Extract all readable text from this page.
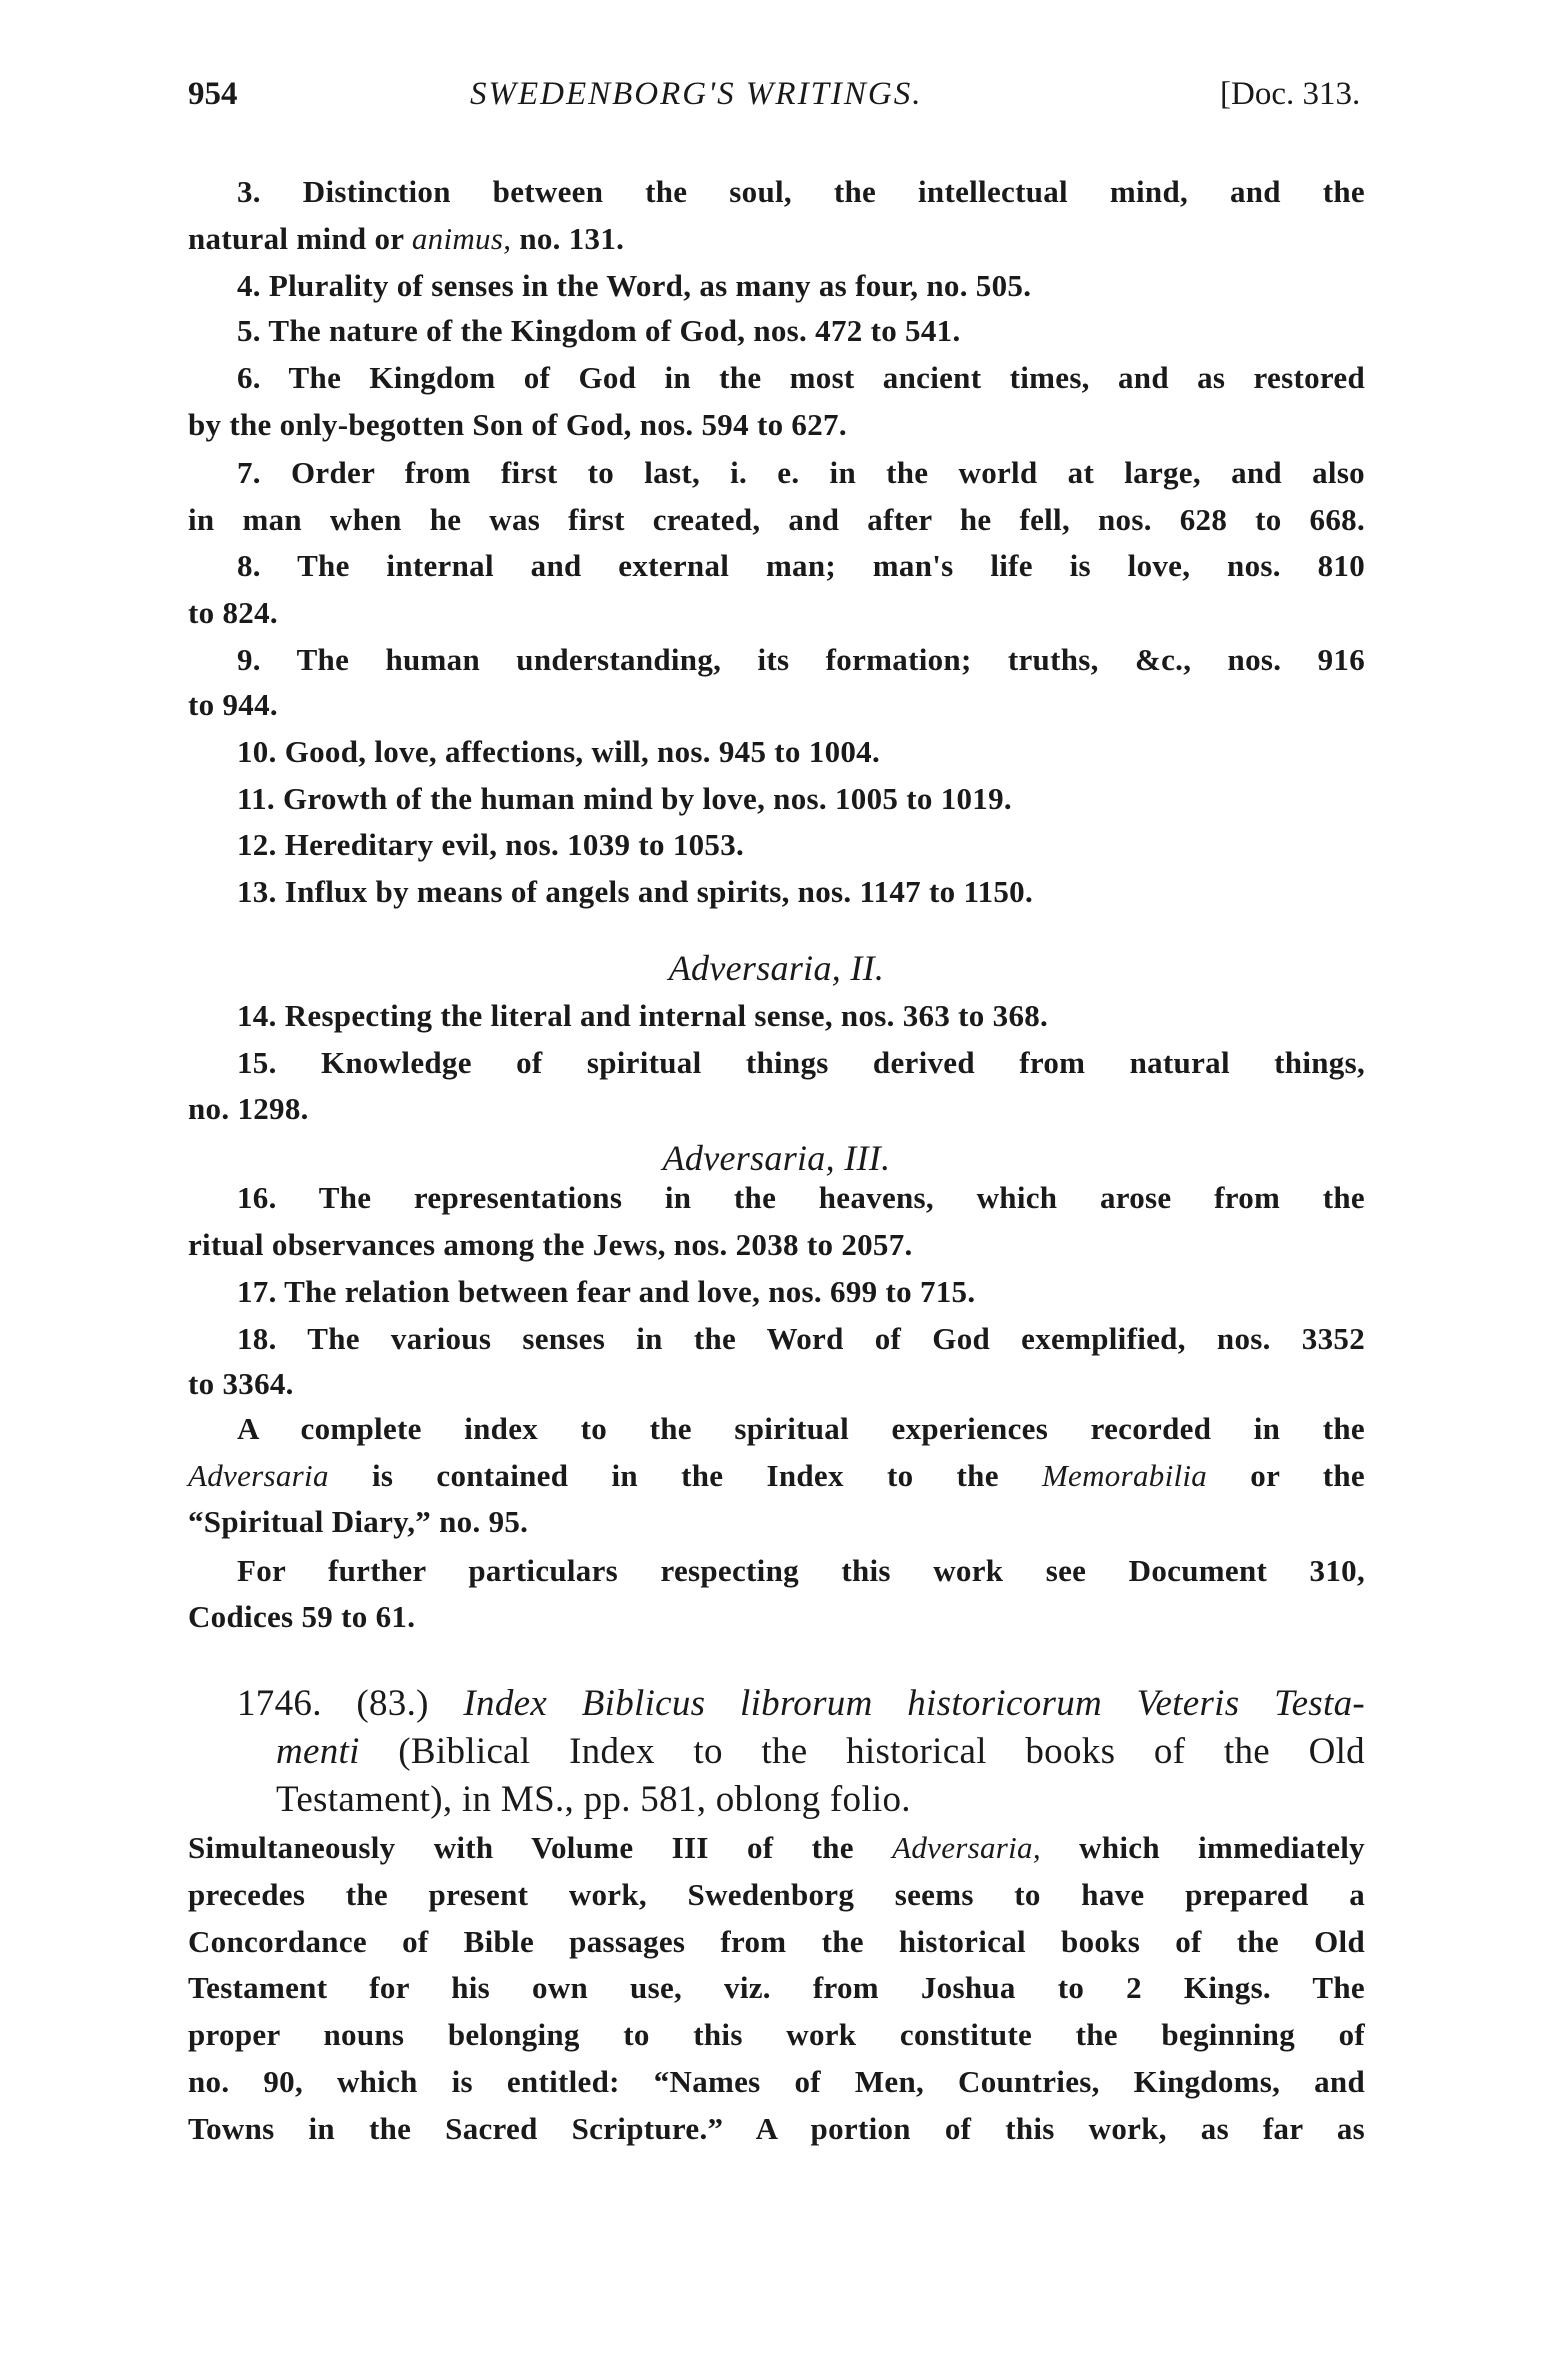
954	SWEDENBORG'S WRITINGS.	[Doc. 313.
3. Distinction between the soul, the intellectual mind, and the
natural mind or animus, no. 131.
4. Plurality of senses in the Word, as many as four, no. 505.
5. The nature of the Kingdom of God, nos. 472 to 541.
6. The Kingdom of God in the most ancient times, and as restored
by the only-begotten Son of God, nos. 594 to 627.
7. Order from first to last, i. e. in the world at large, and also
in man when he was first created, and after he fell, nos. 628 to 668.
8. The internal and external man; man's life is love, nos. 810
to 824.
9. The human understanding, its formation; truths, &c., nos. 916
to 944.
10. Good, love, affections, will, nos. 945 to 1004.
11. Growth of the human mind by love, nos. 1005 to 1019.
12. Hereditary evil, nos. 1039 to 1053.
13. Influx by means of angels and spirits, nos. 1147 to 1150.
Adversaria, II.
14. Respecting the literal and internal sense, nos. 363 to 368.
15. Knowledge of spiritual things derived from natural things,
no. 1298.
Adversaria, III.
16. The representations in the heavens, which arose from the
ritual observances among the Jews, nos. 2038 to 2057.
17. The relation between fear and love, nos. 699 to 715.
18. The various senses in the Word of God exemplified, nos. 3352
to 3364.
A complete index to the spiritual experiences recorded in the
Adversaria is contained in the Index to the Memorabilia or the
“Spiritual Diary,” no. 95.
For further particulars respecting this work see Document 310,
Codices 59 to 61.
1746. (83.) Index Biblicus librorum historicorum Veteris Testa-
menti (Biblical Index to the historical books of the Old
Testament), in MS., pp. 581, oblong folio.
Simultaneously with Volume III of the Adversaria, which immediately
precedes the present work, Swedenborg seems to have prepared a
Concordance of Bible passages from the historical books of the Old
Testament for his own use, viz. from Joshua to 2 Kings. The
proper nouns belonging to this work constitute the beginning of
no. 90, which is entitled: “Names of Men, Countries, Kingdoms, and
Towns in the Sacred Scripture.” A portion of this work, as far as
